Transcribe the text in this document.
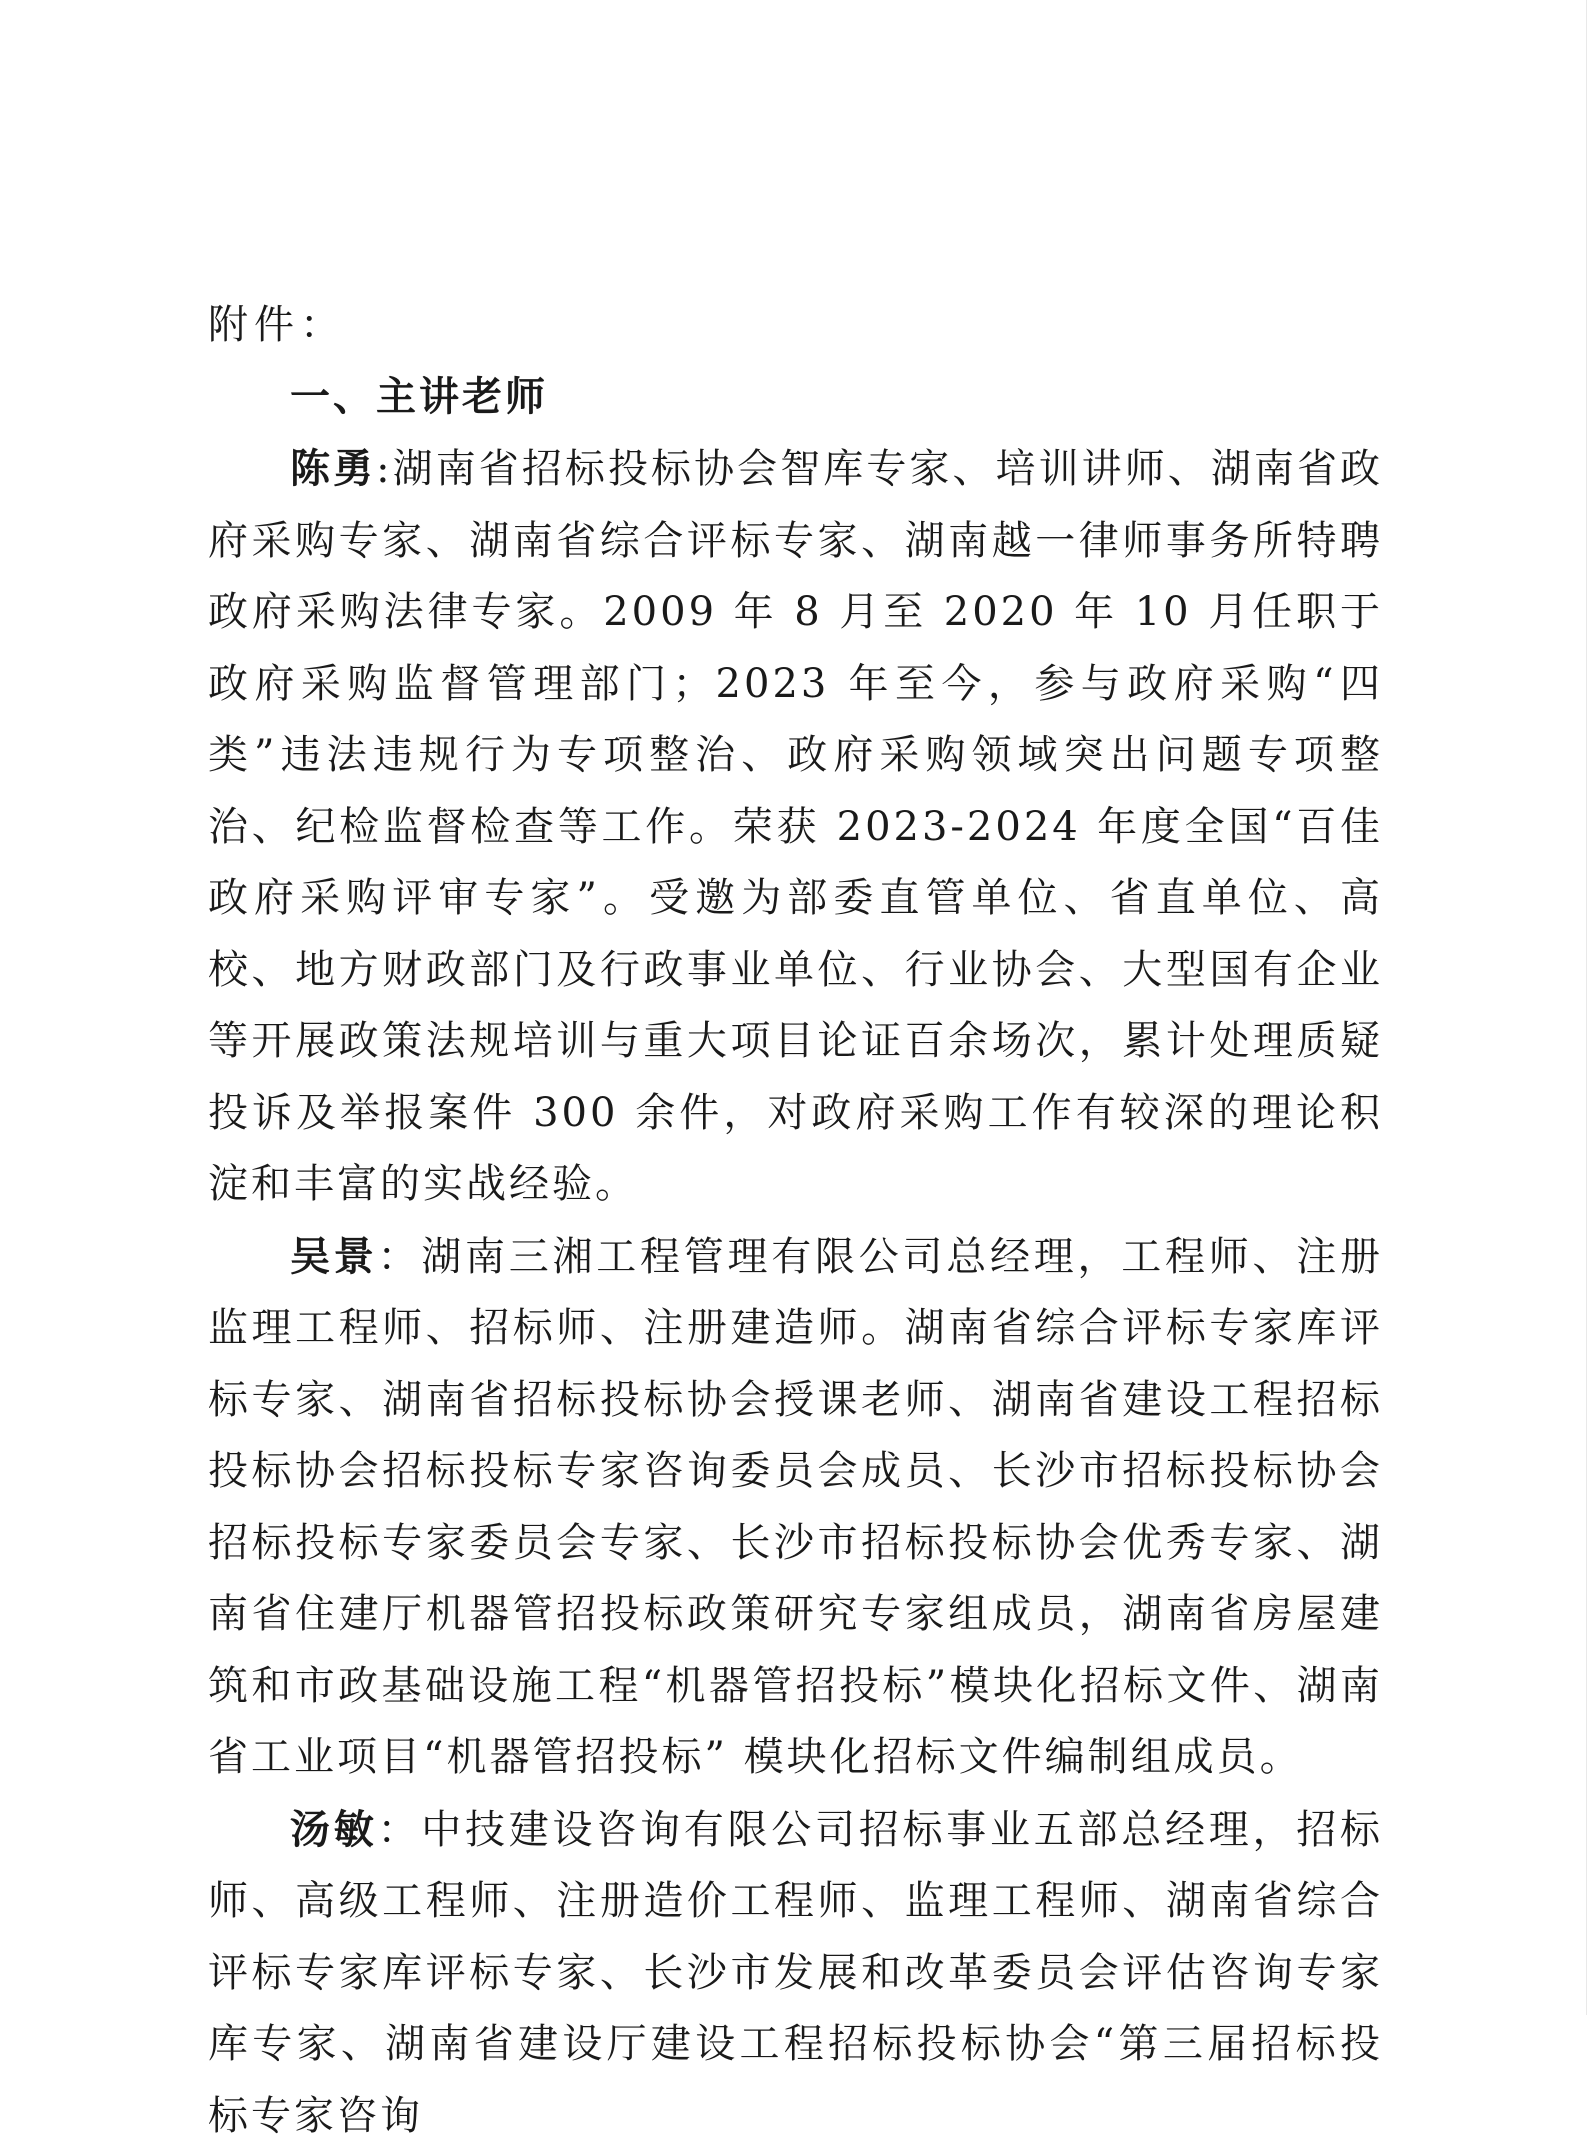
附件：

一、主讲老师

陈勇:湖南省招标投标协会智库专家、培训讲师、湖南省政府采购专家、湖南省综合评标专家、湖南越一律师事务所特聘政府采购法律专家。2009 年 8 月至 2020 年 10 月任职于政府采购监督管理部门；2023 年至今，参与政府采购“四类”违法违规行为专项整治、政府采购领域突出问题专项整治、纪检监督检查等工作。荣获 2023-2024 年度全国“百佳政府采购评审专家”。受邀为部委直管单位、省直单位、高校、地方财政部门及行政事业单位、行业协会、大型国有企业等开展政策法规培训与重大项目论证百余场次，累计处理质疑投诉及举报案件 300 余件，对政府采购工作有较深的理论积淀和丰富的实战经验。

吴景：湖南三湘工程管理有限公司总经理，工程师、注册监理工程师、招标师、注册建造师。湖南省综合评标专家库评标专家、湖南省招标投标协会授课老师、湖南省建设工程招标投标协会招标投标专家咨询委员会成员、长沙市招标投标协会招标投标专家委员会专家、长沙市招标投标协会优秀专家、湖南省住建厅机器管招投标政策研究专家组成员，湖南省房屋建筑和市政基础设施工程“机器管招投标”模块化招标文件、湖南省工业项目“机器管招投标” 模块化招标文件编制组成员。

汤敏：中技建设咨询有限公司招标事业五部总经理，招标师、高级工程师、注册造价工程师、监理工程师、湖南省综合评标专家库评标专家、长沙市发展和改革委员会评估咨询专家库专家、湖南省建设厅建设工程招标投标协会“第三届招标投标专家咨询
